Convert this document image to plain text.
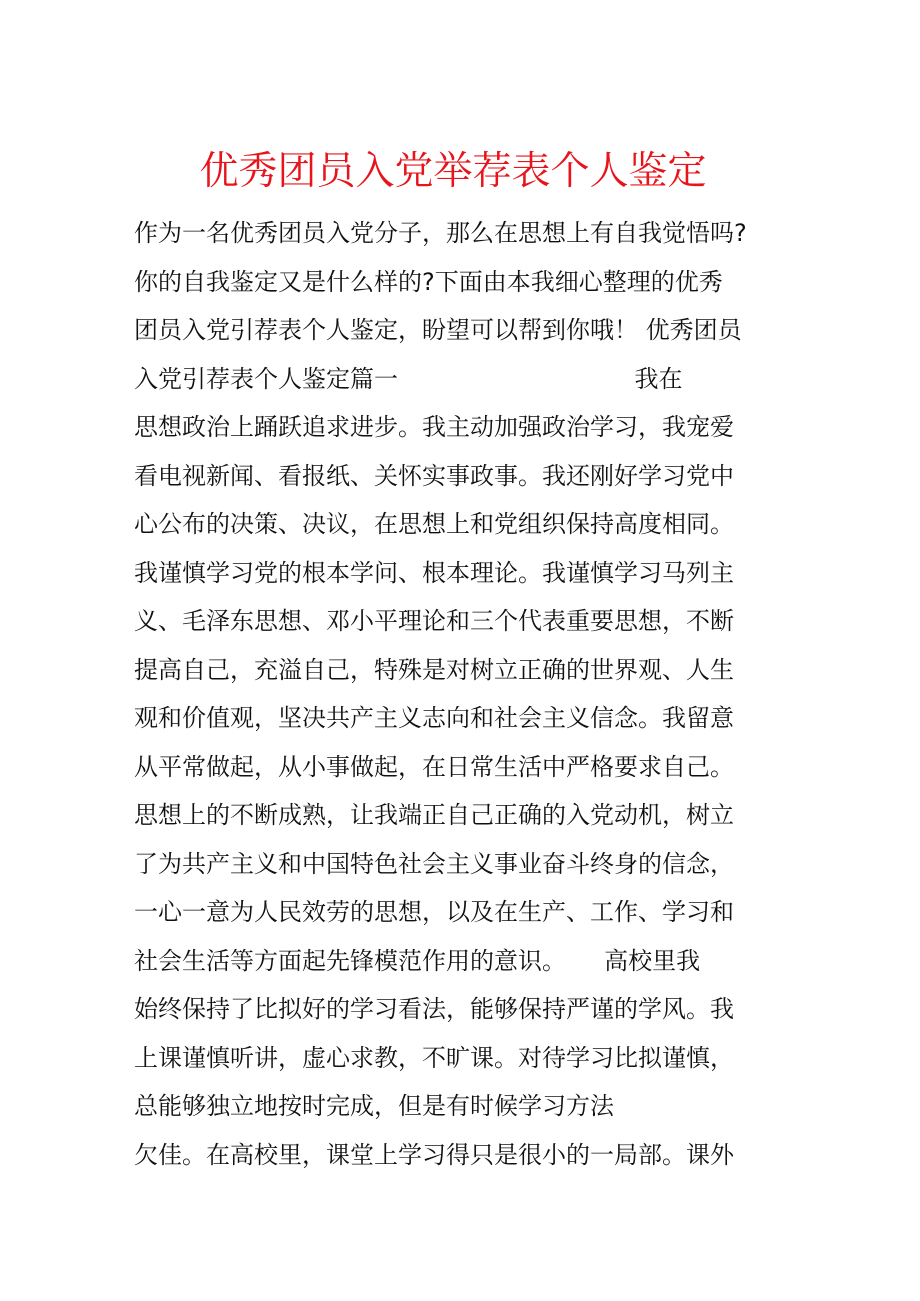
优秀团员入党举荐表个人鉴定
作为一名优秀团员入党分子，那么在思想上有自我觉悟吗?
你的自我鉴定又是什么样的?下面由本我细心整理的优秀
团员入党引荐表个人鉴定，盼望可以帮到你哦！ 优秀团员
入党引荐表个人鉴定篇一                               我在
思想政治上踊跃追求进步。我主动加强政治学习，我宠爱
看电视新闻、看报纸、关怀实事政事。我还刚好学习党中
心公布的决策、决议，在思想上和党组织保持高度相同。
我谨慎学习党的根本学问、根本理论。我谨慎学习马列主
义、毛泽东思想、邓小平理论和三个代表重要思想，不断
提高自己，充溢自己，特殊是对树立正确的世界观、人生
观和价值观，坚决共产主义志向和社会主义信念。我留意
从平常做起，从小事做起，在日常生活中严格要求自己。
思想上的不断成熟，让我端正自己正确的入党动机，树立
了为共产主义和中国特色社会主义事业奋斗终身的信念，
一心一意为人民效劳的思想，以及在生产、工作、学习和
社会生活等方面起先锋模范作用的意识。     高校里我
始终保持了比拟好的学习看法，能够保持严谨的学风。我
上课谨慎听讲，虚心求教，不旷课。对待学习比拟谨慎，
总能够独立地按时完成，但是有时候学习方法
欠佳。在高校里，课堂上学习得只是很小的一局部。课外
